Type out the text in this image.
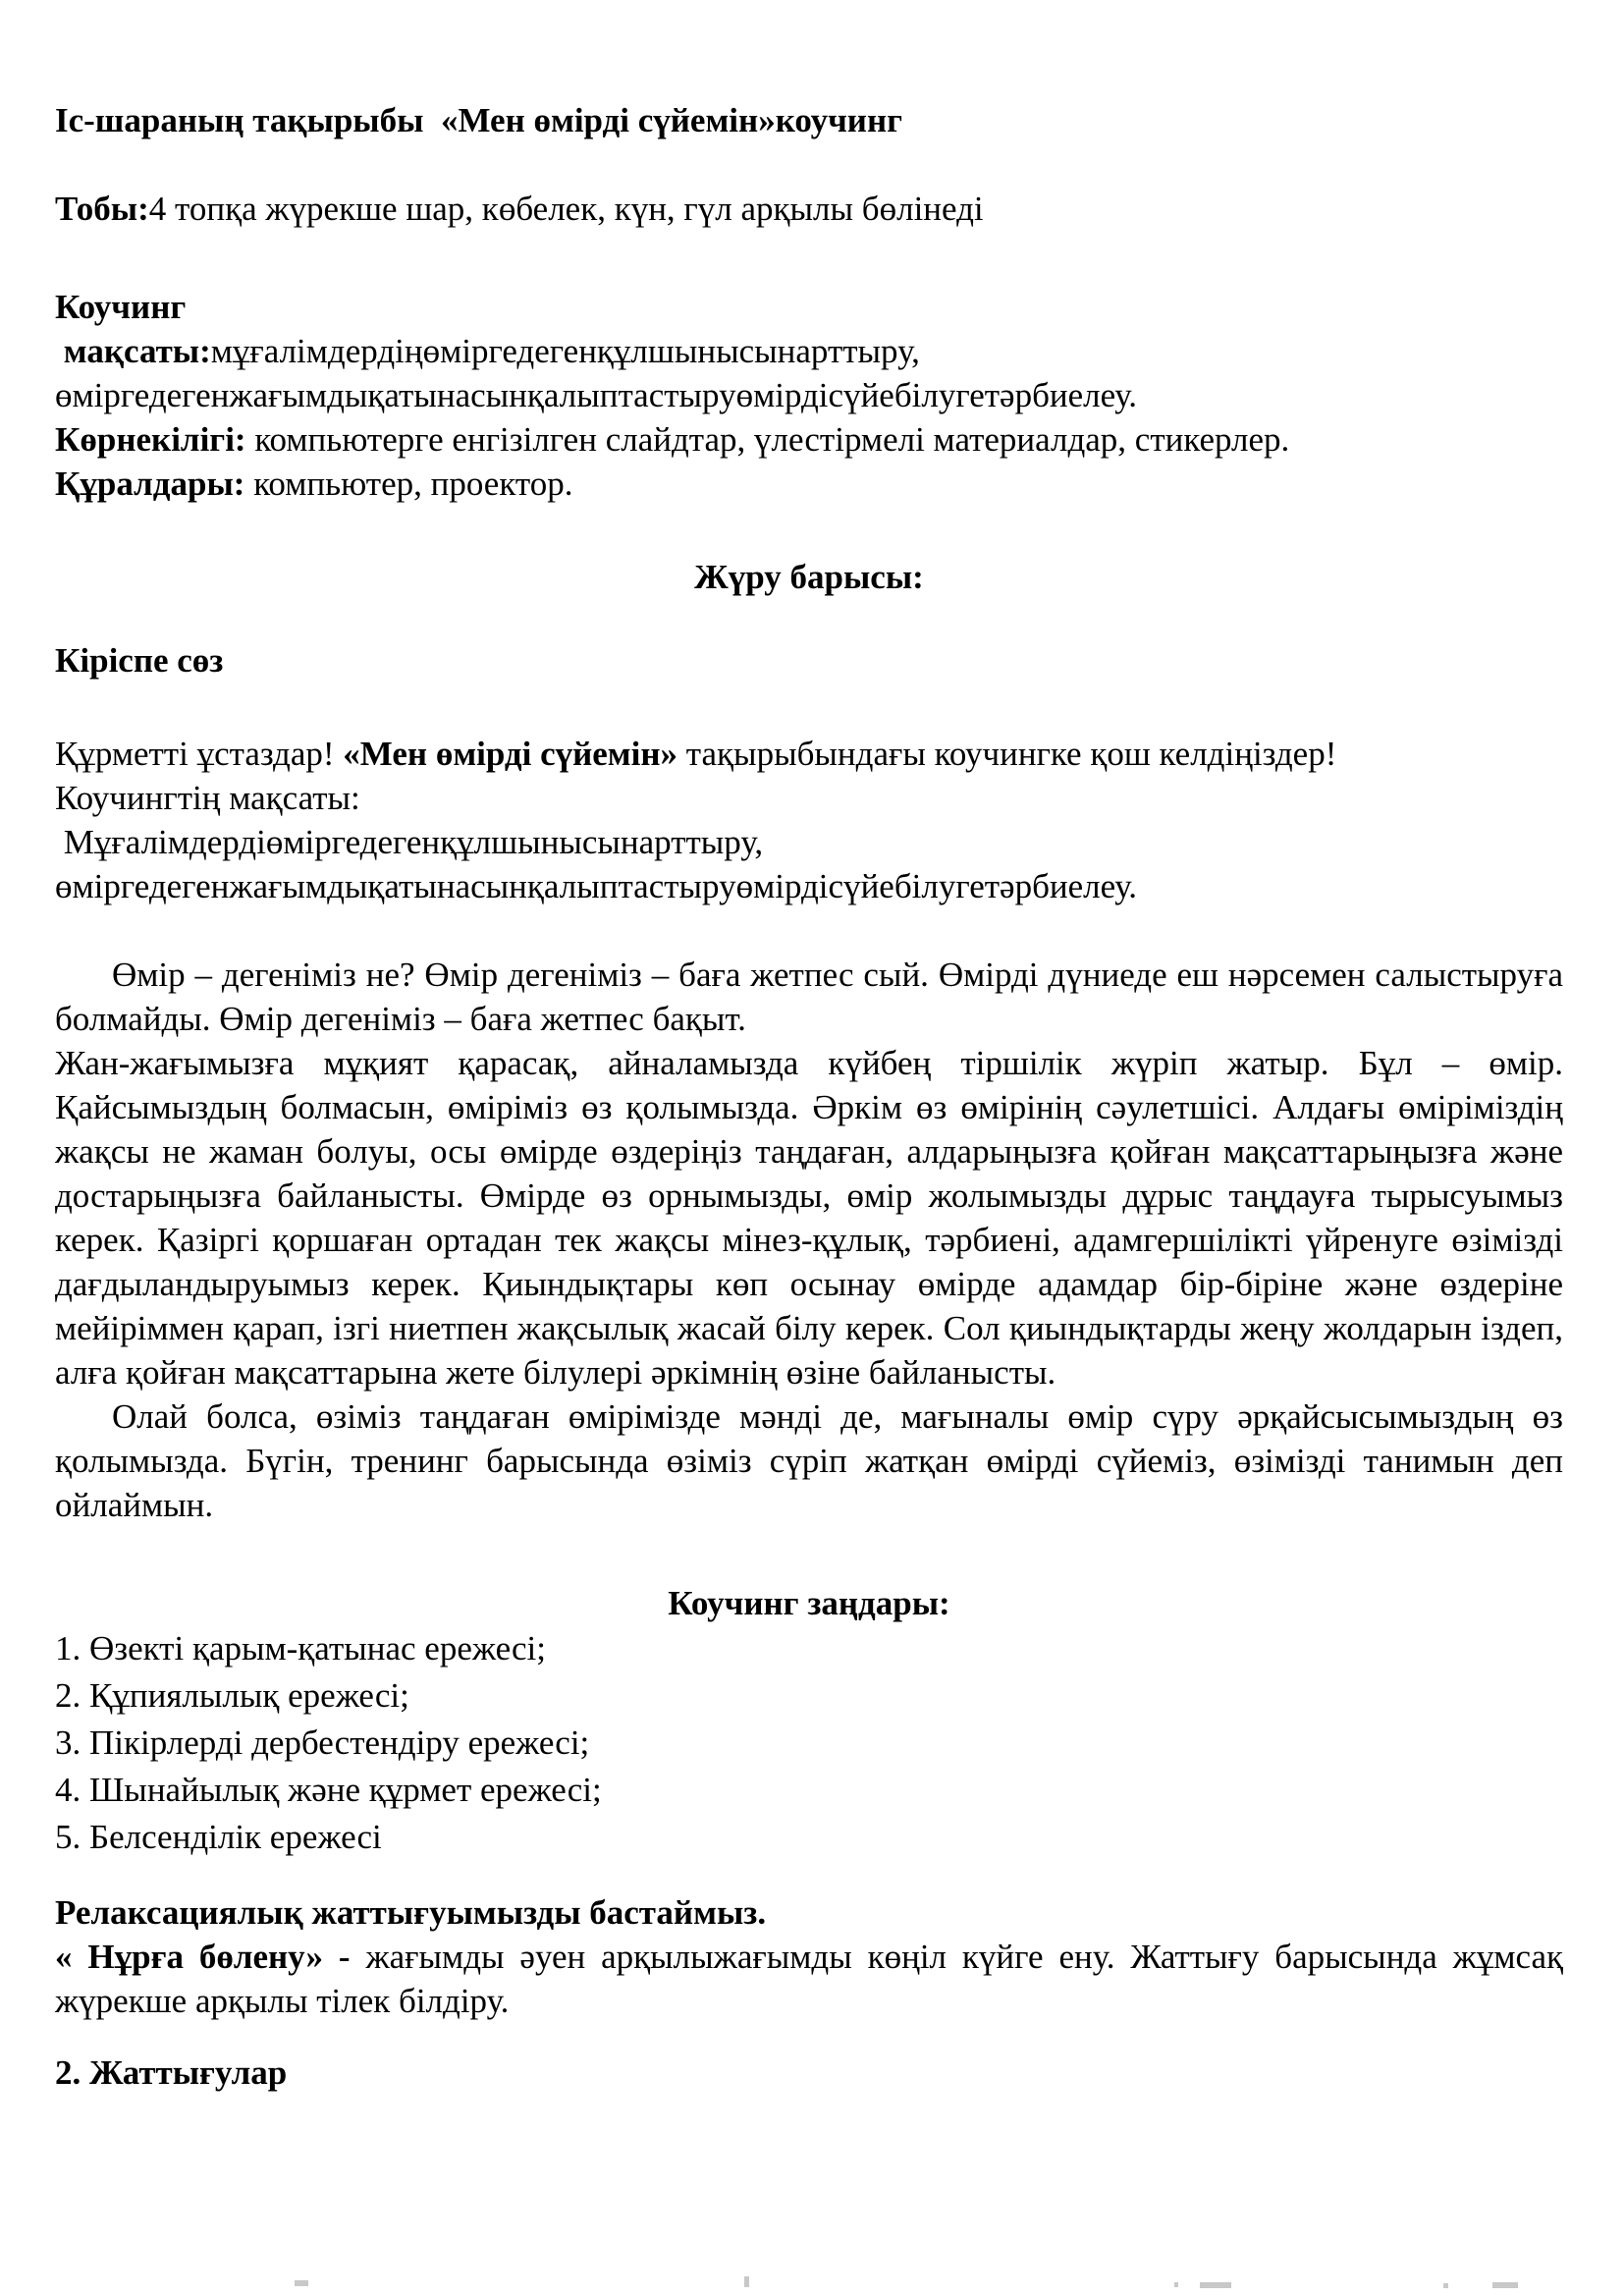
Іс-шараның тақырыбы  «Мен өмірді сүйемін»коучинг
Тобы:4 топқа жүрекше шар, көбелек, күн, гүл арқылы бөлінеді
Коучинг
мақсаты:мұғалімдердіңөміргедегенқұлшынысынарттыру,
өміргедегенжағымдықатынасынқалыптастыруөмірдісүйебілугетәрбиелеу.
Көрнекілігі: компьютерге енгізілген слайдтар, үлестірмелі материалдар, стикерлер.
Құралдары: компьютер, проектор.
Жүру барысы:
Кіріспе сөз
Құрметті ұстаздар! «Мен өмірді сүйемін» тақырыбындағы коучингке қош келдіңіздер!
Коучингтің мақсаты:
Мұғалімдердіөміргедегенқұлшынысынарттыру,
өміргедегенжағымдықатынасынқалыптастыруөмірдісүйебілугетәрбиелеу.
Өмір – дегеніміз не? Өмір дегеніміз – баға жетпес сый. Өмірді дүниеде еш нәрсемен салыстыруға болмайды. Өмір дегеніміз – баға жетпес бақыт.
Жан-жағымызға мұқият қарасақ, айналамызда күйбең тіршілік жүріп жатыр. Бұл – өмір. Қайсымыздың болмасын, өміріміз өз қолымызда. Әркім өз өмірінің сәулетшісі. Алдағы өміріміздің жақсы не жаман болуы, осы өмірде өздеріңіз таңдаған, алдарыңызға қойған мақсаттарыңызға және достарыңызға байланысты. Өмірде өз орнымызды, өмір жолымызды дұрыс таңдауға тырысуымыз керек. Қазіргі қоршаған ортадан тек жақсы мінез-құлық, тәрбиені, адамгершілікті үйренуге өзімізді дағдыландыруымыз керек. Қиындықтары көп осынау өмірде адамдар бір-біріне және өздеріне мейіріммен қарап, ізгі ниетпен жақсылық жасай білу керек. Сол қиындықтарды жеңу жолдарын іздеп, алға қойған мақсаттарына жете білулері әркімнің өзіне байланысты.
Олай болса, өзіміз таңдаған өмірімізде мәнді де, мағыналы өмір сүру әрқайсысымыздың өз қолымызда. Бүгін, тренинг барысында өзіміз сүріп жатқан өмірді сүйеміз, өзімізді танимын деп ойлаймын.
Коучинг заңдары:
1. Өзекті қарым-қатынас ережесі;
2. Құпиялылық ережесі;
3. Пікірлерді дербестендіру ережесі;
4. Шынайылық және құрмет ережесі;
5. Белсенділік ережесі
Релаксациялық жаттығуымызды бастаймыз.
« Нұрға бөлену» - жағымды әуен арқылыжағымды көңіл күйге ену. Жаттығу барысында жұмсақ жүрекше арқылы тілек білдіру.
2. Жаттығулар
